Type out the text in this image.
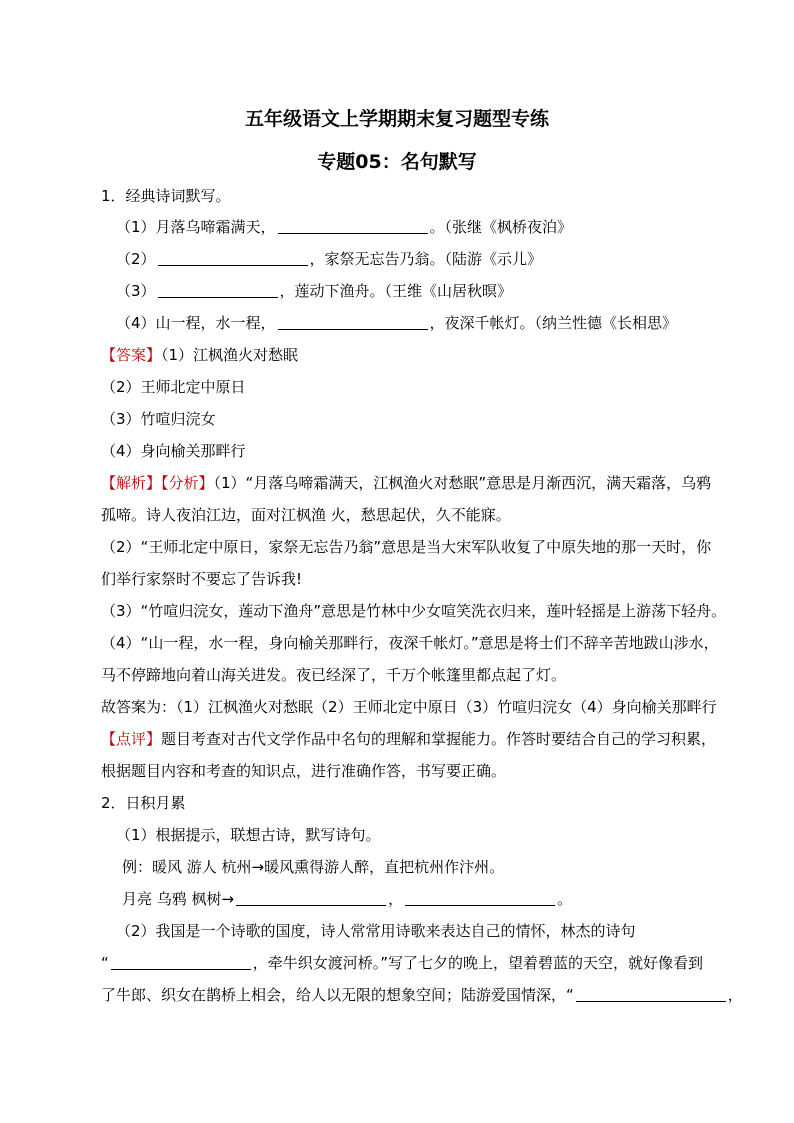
五年级语文上学期期末复习题型专练
专题05：名句默写
1．经典诗词默写。
（1）月落乌啼霜满天，	。（张继《枫桥夜泊》
（2）	，家祭无忘告乃翁。（陆游《示儿》
（3）	，莲动下渔舟。（王维《山居秋暝》
（4）山一程，水一程，	，夜深千帐灯。（纳兰性德《长相思》
【答案】（1）江枫渔火对愁眠
（2）王师北定中原日
（3）竹喧归浣女
（4）身向榆关那畔行
【解析】【分析】（1）“月落乌啼霜满天，江枫渔火对愁眠”意思是月渐西沉，满天霜落，乌鸦
孤啼。诗人夜泊江边，面对江枫渔 火，愁思起伏，久不能寐。
（2）“王师北定中原日，家祭无忘告乃翁”意思是当大宋军队收复了中原失地的那一天时，你
们举行家祭时不要忘了告诉我!
（3）“竹喧归浣女，莲动下渔舟”意思是竹林中少女喧笑洗衣归来，莲叶轻摇是上游荡下轻舟。
（4）“山一程，水一程，身向榆关那畔行，夜深千帐灯。”意思是将士们不辞辛苦地跋山涉水，
马不停蹄地向着山海关进发。夜已经深了，千万个帐篷里都点起了灯。
故答案为：（1）江枫渔火对愁眠（2）王师北定中原日（3）竹喧归浣女（4）身向榆关那畔行
【点评】题目考查对古代文学作品中名句的理解和掌握能力。作答时要结合自己的学习积累，
根据题目内容和考查的知识点，进行准确作答，书写要正确。
2．日积月累
（1）根据提示，联想古诗，默写诗句。
例：暖风 游人 杭州→暖风熏得游人醉，直把杭州作汴州。
月亮 乌鸦 枫树→	，	。
（2）我国是一个诗歌的国度，诗人常常用诗歌来表达自己的情怀，林杰的诗句
“	，牵牛织女渡河桥。”写了七夕的晚上，望着碧蓝的天空，就好像看到
了牛郎、织女在鹊桥上相会，给人以无限的想象空间；陆游爱国情深，“	，
